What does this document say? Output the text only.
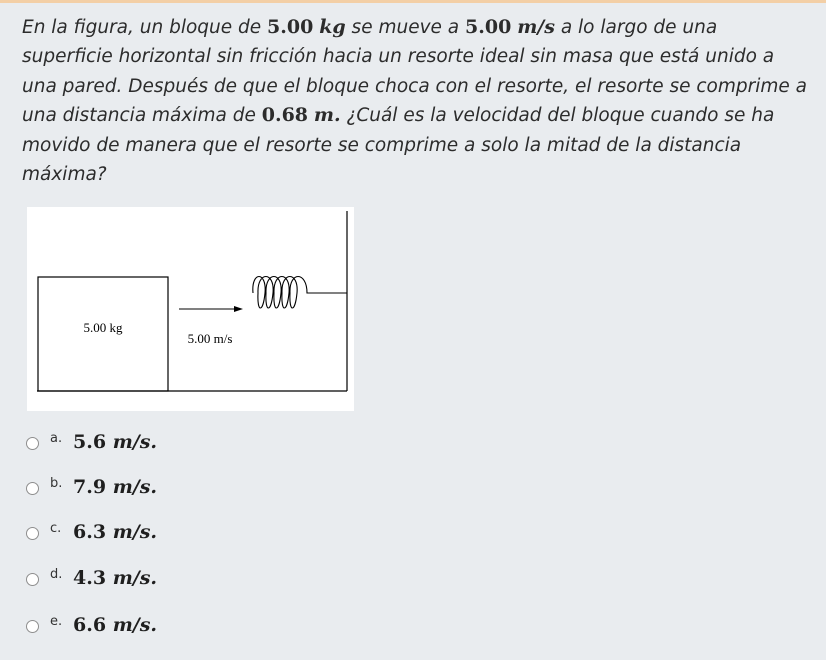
En la figura, un bloque de 5.00 kg se mueve a 5.00 m/s a lo largo de una superficie horizontal sin fricción hacia un resorte ideal sin masa que está unido a una pared. Después de que el bloque choca con el resorte, el resorte se comprime a una distancia máxima de 0.68 m. ¿Cuál es la velocidad del bloque cuando se ha movido de manera que el resorte se comprime a solo la mitad de la distancia máxima?
5.00 kg
5.00 m/s
a. 5.6 m/s.
b. 7.9 m/s.
c. 6.3 m/s.
d. 4.3 m/s.
e. 6.6 m/s.
